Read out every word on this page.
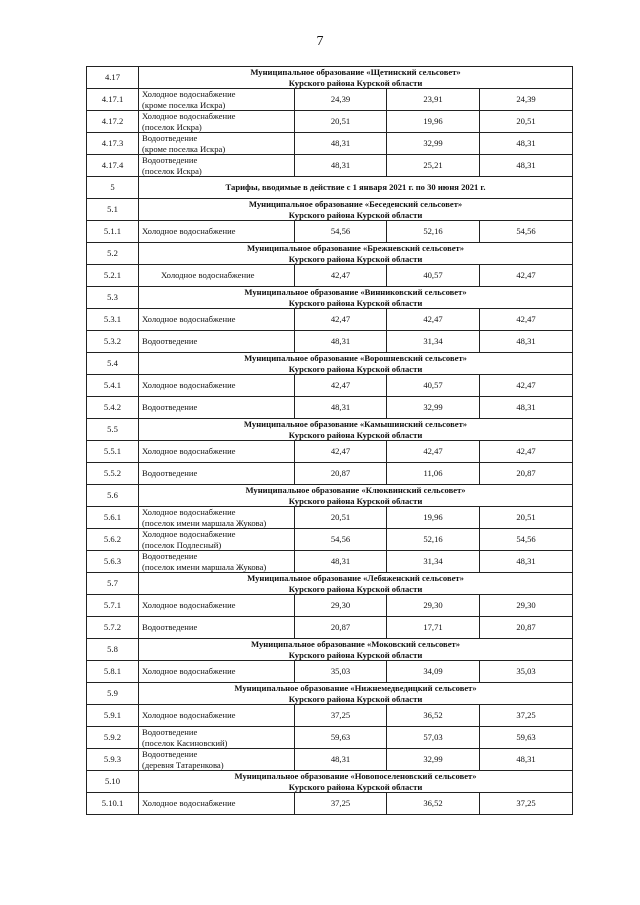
7
4.17	Муниципальное образование «Щетинский сельсовет»
Курского района Курской области			

4.17.1	Холодное водоснабжение
(кроме поселка Искра)	24,39	23,91	24,39
4.17.2	Холодное водоснабжение
(поселок Искра)	20,51	19,96	20,51
4.17.3	Водоотведение
(кроме поселка Искра)	48,31	32,99	48,31
4.17.4	Водоотведение
(поселок Искра)	48,31	25,21	48,31
5	Тарифы, вводимые в действие с 1 января 2021 г. по 30 июня 2021 г.			

5.1	Муниципальное образование «Беседенский сельсовет»
Курского района Курской области			

5.1.1	Холодное водоснабжение	54,56	52,16	54,56
5.2	Муниципальное образование «Брежневский сельсовет»
Курского района Курской области			

5.2.1	Холодное водоснабжение	42,47	40,57	42,47
5.3	Муниципальное образование «Винниковский сельсовет»
Курского района Курской области			

5.3.1	Холодное водоснабжение	42,47	42,47	42,47
5.3.2	Водоотведение	48,31	31,34	48,31
5.4	Муниципальное образование «Ворошневский сельсовет»
Курского района Курской области			

5.4.1	Холодное водоснабжение	42,47	40,57	42,47
5.4.2	Водоотведение	48,31	32,99	48,31
5.5	Муниципальное образование «Камышинский сельсовет»
Курского района Курской области			

5.5.1	Холодное водоснабжение	42,47	42,47	42,47
5.5.2	Водоотведение	20,87	11,06	20,87
5.6	Муниципальное образование «Клюквинский сельсовет»
Курского района Курской области			

5.6.1	Холодное водоснабжение
(поселок имени маршала Жукова)	20,51	19,96	20,51
5.6.2	Холодное водоснабжение
(поселок Подлесный)	54,56	52,16	54,56
5.6.3	Водоотведение
(поселок имени маршала Жукова)	48,31	31,34	48,31
5.7	Муниципальное образование «Лебяженский сельсовет»
Курского района Курской области			

5.7.1	Холодное водоснабжение	29,30	29,30	29,30
5.7.2	Водоотведение	20,87	17,71	20,87
5.8	Муниципальное образование «Моковский сельсовет»
Курского района Курской области			

5.8.1	Холодное водоснабжение	35,03	34,09	35,03
5.9	Муниципальное образование «Нижнемедведицкий сельсовет»
Курского района Курской области			

5.9.1	Холодное водоснабжение	37,25	36,52	37,25
5.9.2	Водоотведение
(поселок Касиновский)	59,63	57,03	59,63
5.9.3	Водоотведение
(деревня Татаренкова)	48,31	32,99	48,31
5.10	Муниципальное образование «Новопоселеновский сельсовет»
Курского района Курской области			

5.10.1	Холодное водоснабжение	37,25	36,52	37,25
